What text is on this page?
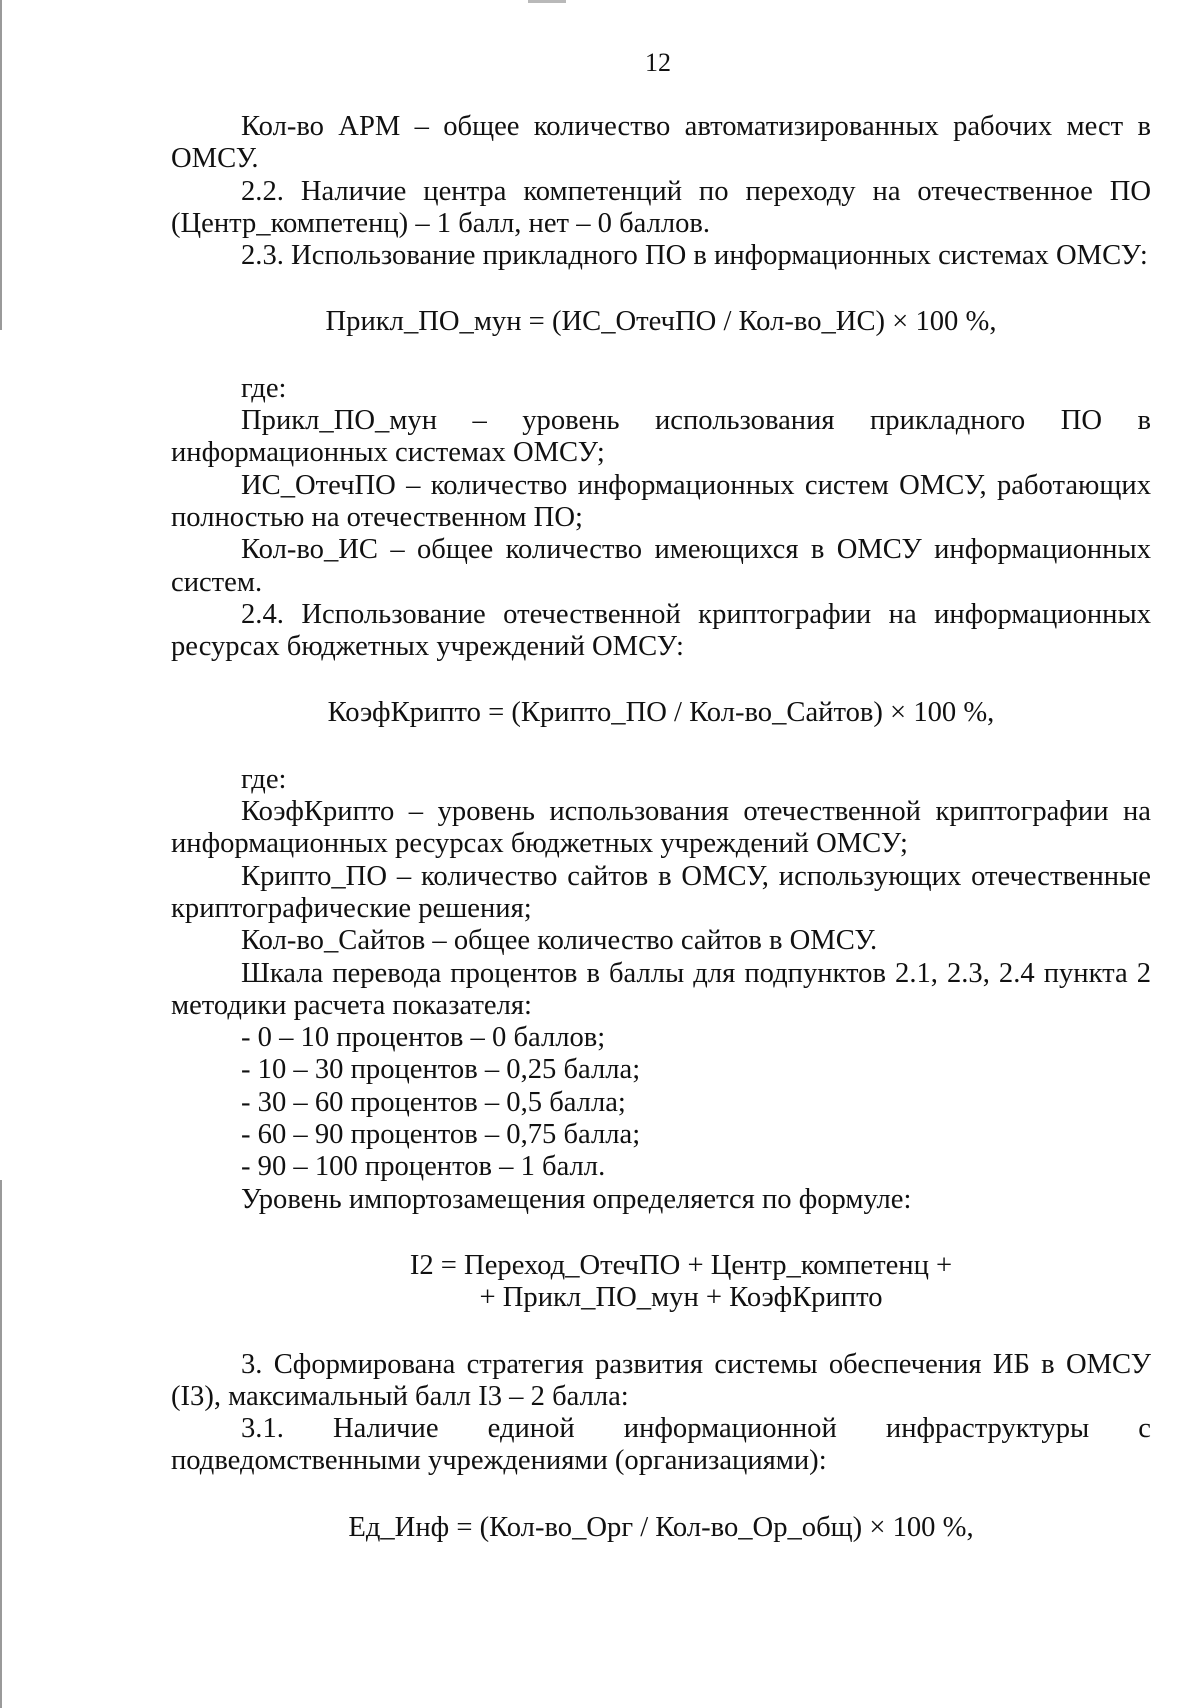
12

Кол-во АРМ – общее количество автоматизированных рабочих мест в ОМСУ.

2.2. Наличие центра компетенций по переходу на отечественное ПО (Центр_компетенц) – 1 балл, нет – 0 баллов.

2.3. Использование прикладного ПО в информационных системах ОМСУ:

Прикл_ПО_мун = (ИС_ОтечПО / Кол-во_ИС) × 100 %,

где:

Прикл_ПО_мун – уровень использования прикладного ПО в информационных системах ОМСУ;

ИС_ОтечПО – количество информационных систем ОМСУ, работающих полностью на отечественном ПО;

Кол-во_ИС – общее количество имеющихся в ОМСУ информационных систем.

2.4. Использование отечественной криптографии на информационных ресурсах бюджетных учреждений ОМСУ:

КоэфКрипто = (Крипто_ПО / Кол-во_Сайтов) × 100 %,

где:

КоэфКрипто – уровень использования отечественной криптографии на информационных ресурсах бюджетных учреждений ОМСУ;

Крипто_ПО – количество сайтов в ОМСУ, использующих отечественные криптографические решения;

Кол-во_Сайтов – общее количество сайтов в ОМСУ.

Шкала перевода процентов в баллы для подпунктов 2.1, 2.3, 2.4 пункта 2 методики расчета показателя:

- 0 – 10 процентов – 0 баллов;

- 10 – 30 процентов – 0,25 балла;

- 30 – 60 процентов – 0,5 балла;

- 60 – 90 процентов – 0,75 балла;

- 90 – 100 процентов – 1 балл.

Уровень импортозамещения определяется по формуле:

I2 = Переход_ОтечПО + Центр_компетенц +

+ Прикл_ПО_мун + КоэфКрипто

3. Сформирована стратегия развития системы обеспечения ИБ в ОМСУ (I3), максимальный балл I3 – 2 балла:

3.1. Наличие единой информационной инфраструктуры с подведомственными учреждениями (организациями):

Ед_Инф = (Кол-во_Орг / Кол-во_Ор_общ) × 100 %,
